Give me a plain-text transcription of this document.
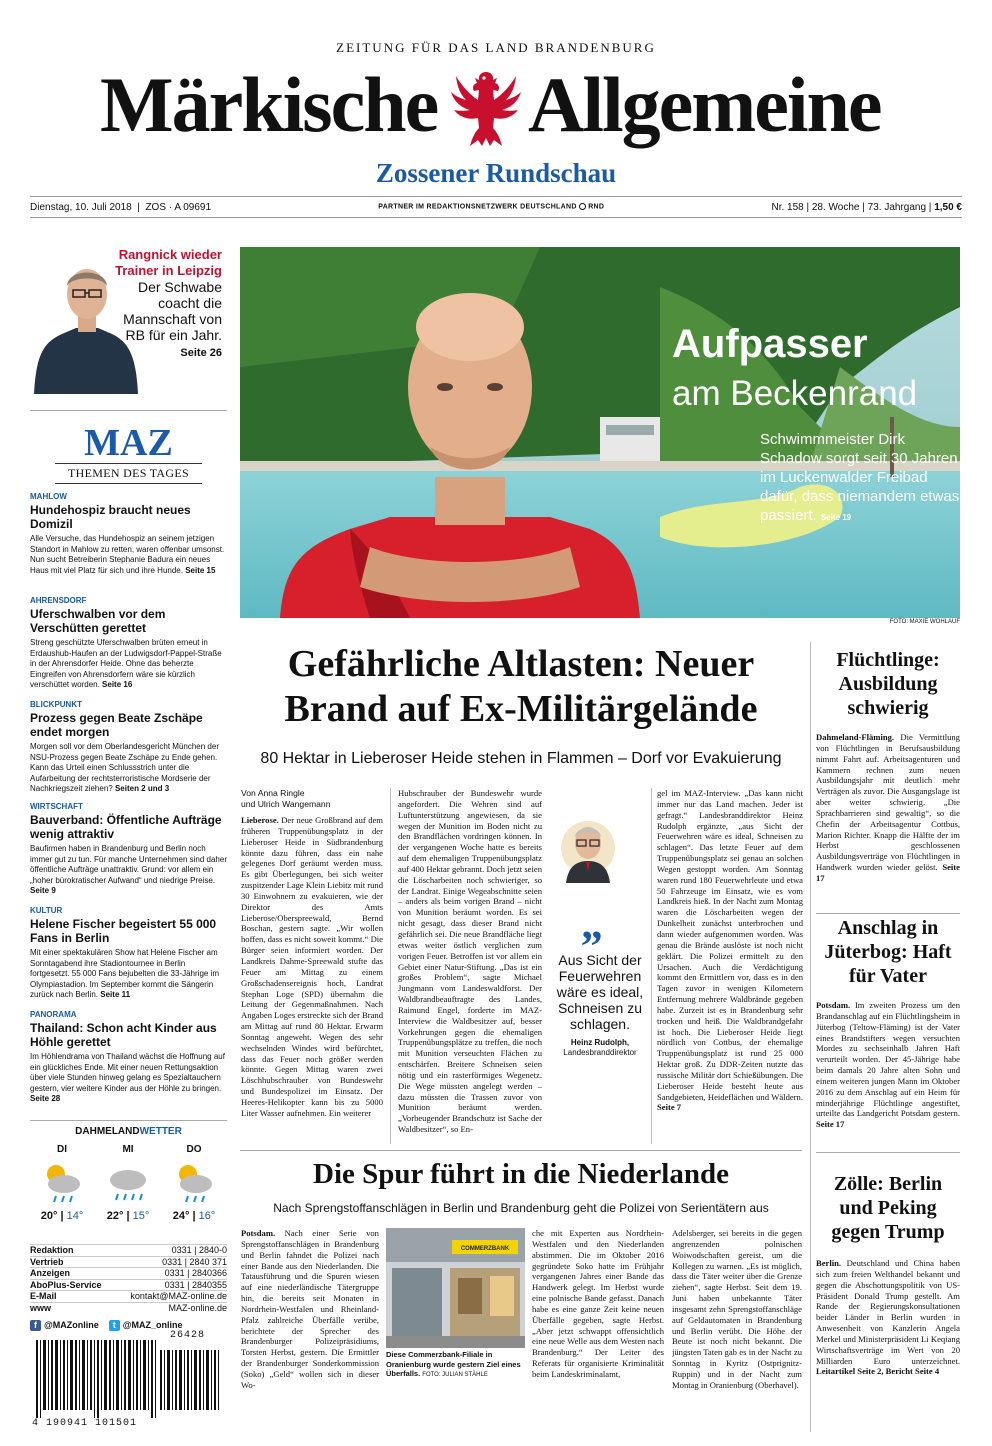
ZEITUNG FÜR DAS LAND BRANDENBURG
Märkische Allgemeine
Zossener Rundschau
Dienstag, 10. Juli 2018  |  ZOS · A 09691	PARTNER IM REDAKTIONSNETZWERK DEUTSCHLAND RND	Nr. 158 | 28. Woche | 73. Jahrgang | 1,50 €
Rangnick wieder Trainer in Leipzig
Der Schwabe coacht die Mannschaft von RB für ein Jahr.
Seite 26
MAZ
THEMEN DES TAGES
MAHLOW
Hundehospiz braucht neues Domizil
Alle Versuche, das Hundehospiz an seinem jetzigen Standort in Mahlow zu retten, waren offenbar umsonst. Nun sucht Betreiberin Stephanie Badura ein neues Haus mit viel Platz für sich und ihre Hunde. Seite 15
AHRENSDORF
Uferschwalben vor dem Verschütten gerettet
Streng geschützte Uferschwalben brüten erneut in Erdaushub-Haufen an der Ludwigsdorf-Pappel-Straße in der Ahrensdorfer Heide. Ohne das beherzte Eingreifen von Ahrensdorfern wäre sie kürzlich verschüttet worden. Seite 16
BLICKPUNKT
Prozess gegen Beate Zschäpe endet morgen
Morgen soll vor dem Oberlandesgericht München der NSU-Prozess gegen Beate Zschäpe zu Ende gehen. Kann das Urteil einen Schlussstrich unter die Aufarbeitung der rechtsterroristische Mordserie der Nachkriegszeit ziehen? Seiten 2 und 3
WIRTSCHAFT
Bauverband: Öffentliche Aufträge wenig attraktiv
Baufirmen haben in Brandenburg und Berlin noch immer gut zu tun. Für manche Unternehmen sind daher öffentliche Aufträge unattraktiv. Grund: vor allem ein „hoher bürokratischer Aufwand“ und niedrige Preise. Seite 9
KULTUR
Helene Fischer begeistert 55 000 Fans in Berlin
Mit einer spektakulären Show hat Helene Fischer am Sonntagabend ihre Stadiontournee in Berlin fortgesetzt. 55 000 Fans bejubelten die 33-Jährige im Olympiastadion. Im September kommt die Sängerin zurück nach Berlin. Seite 11
PANORAMA
Thailand: Schon acht Kinder aus Höhle gerettet
Im Höhlendrama von Thailand wächst die Hoffnung auf ein glückliches Ende. Mit einer neuen Rettungsaktion über viele Stunden hinweg gelang es Spezialtauchern gestern, vier weitere Kinder aus der Höhle zu bringen. Seite 28
DAHMELANDWETTER
DI	MI	DO
20° | 14°	22° | 15°	24° | 16°
Redaktion	0331 | 2840-0
Vertrieb	0331 | 2840 371
Anzeigen	0331 | 2840366
AboPlus-Service	0331 | 2840355
E-Mail	kontakt@MAZ-online.de
www	MAZ-online.de
f @MAZonline	t @MAZ_online
26428
4 190941 101501
Aufpasser
am Beckenrand
Schwimmmeister Dirk Schadow sorgt seit 30 Jahren im Luckenwalder Freibad dafür, dass niemandem etwas passiert. Seite 19
FOTO: MAXIE WOHLAUF
Gefährliche Altlasten: Neuer
Brand auf Ex-Militärgelände
80 Hektar in Lieberoser Heide stehen in Flammen – Dorf vor Evakuierung
Von Anna Ringle
und Ulrich Wangemann
Lieberose. Der neue Großbrand auf dem früheren Truppenübungsplatz in der Lieberoser Heide in Südbrandenburg könnte dazu führen, dass ein nahe gelegenes Dorf geräumt werden muss. Es gibt Überlegungen, bei sich weiter zuspitzender Lage Klein Liebitz mit rund 30 Einwohnern zu evakuieren, wie der Direktor des Amts Lieberose/Oberspreewald, Bernd Boschan, gestern sagte. „Wir wollen hoffen, dass es nicht soweit kommt.“ Die Bürger seien informiert worden. Der Landkreis Dahme-Spreewald stufte das Feuer am Mittag zu einem Großschadensereignis hoch, Landrat Stephan Loge (SPD) übernahm die Leitung der Gegenmaßnahmen. Nach Angaben Loges erstreckte sich der Brand am Mittag auf rund 80 Hektar. Erwarm Sonntag angeweht. Wegen des sehr wechselnden Windes wird befürchtet, dass das Feuer noch größer werden könnte. Gegen Mittag waren zwei Löschhubschrauber von Bundeswehr und Bundespolizei im Einsatz. Der Heeres-Helikopter kann bis zu 5000 Liter Wasser aufnehmen. Ein weiterer
Hubschrauber der Bundeswehr wurde angefordert. Die Wehren sind auf Luftunterstützung angewiesen, da sie wegen der Munition im Boden nicht zu den Brandflächen vordringen können. In der vergangenen Woche hatte es bereits auf dem ehemaligen Truppenübungsplatz auf 400 Hektar gebrannt. Doch jetzt seien die Löscharbeiten noch schwieriger, so der Landrat. Einige Wegeabschnitte seien – anders als beim vorigen Brand – nicht von Munition beräumt worden. Es sei nicht gesagt, dass dieser Brand nicht gefährlich sei. Die neue Brandfläche liegt etwas weiter östlich verglichen zum vorigen Feuer. Betroffen ist vor allem ein Gebiet einer Natur-Stiftung. „Das ist ein großes Problem“, sagte Michael Jungmann vom Landeswaldforst. Der Waldbrandbeauftragte des Landes, Raimund Engel, forderte im MAZ-Interview die Waldbesitzer auf, besser Vorkehrungen gegen die ehemaligen Truppenübungsplätze zu treffen, die noch mit Munition verseuchten Flächen zu entschärfen. Breitere Schneisen seien nötig und ein rasterförmiges Wegenetz. Die Wege müssten angelegt werden – dazu müssten die Trassen zuvor von Munition beräumt werden. „Vorbeugender Brandschutz ist Sache der Waldbesitzer“, so En-
„
Aus Sicht der Feuerwehren wäre es ideal, Schneisen zu schlagen.
Heinz Rudolph,
Landesbranddirektor
gel im MAZ-Interview. „Das kann nicht immer nur das Land machen. Jeder ist gefragt.“ Landesbranddirektor Heinz Rudolph ergänzte, „aus Sicht der Feuerwehren wäre es ideal, Schneisen zu schlagen“. Das letzte Feuer auf dem Truppenübungsplatz sei genau an solchen Wegen gestoppt worden. Am Sonntag waren rund 180 Feuerwehrleute und etwa 50 Fahrzeuge im Einsatz, wie es vom Landkreis hieß. In der Nacht zum Montag waren die Löscharbeiten wegen der Dunkelheit zunächst unterbrochen und dann wieder aufgenommen worden. Was genau die Brände auslöste ist noch nicht geklärt. Die Polizei ermittelt zu den Ursachen. Auch die Verdächtigung kommt den Ermittlern vor, dass es in den Tagen zuvor in wenigen Kilometern Entfernung mehrere Waldbrände gegeben habe. Zurzeit ist es in Brandenburg sehr trocken und heiß. Die Waldbrandgefahr ist hoch. Die Lieberoser Heide liegt nördlich von Cottbus, der ehemalige Truppenübungsplatz ist rund 25 000 Hektar groß. Zu DDR-Zeiten nutzte das russische Militär dort Schießübungen. Die Lieberoser Heide besteht heute aus Sandgebieten, Heideflächen und Wäldern. Seite 7
Flüchtlinge: Ausbildung schwierig
Dahmeland-Fläming. Die Vermittlung von Flüchtlingen in Berufsausbildung nimmt Fahrt auf. Arbeitsagenturen und Kammern rechnen zum neuen Ausbildungsjahr mit deutlich mehr Verträgen als zuvor. Die Ausgangslage ist aber weiter schwierig. „Die Sprachbarrieren sind gewaltig“, so die Chefin der Arbeitsagentur Cottbus, Marion Richter. Knapp die Hälfte der im Herbst geschlossenen Ausbildungsverträge von Flüchtlingen in Handwerk wurden wieder gelöst. Seite 17
Anschlag in Jüterbog: Haft für Vater
Potsdam. Im zweiten Prozess um den Brandanschlag auf ein Flüchtlingsheim in Jüterbog (Teltow-Fläming) ist der Vater eines Brandstifters wegen versuchten Mordes zu sechseinhalb Jahren Haft verurteilt worden. Der 45-Jährige habe beim damals 20 Jahre alten Sohn und einem weiteren jungen Mann im Oktober 2016 zu dem Anschlag auf ein Heim für minderjährige Flüchtlinge angestiftet, urteilte das Landgericht Potsdam gestern. Seite 17
Zölle: Berlin und Peking gegen Trump
Berlin. Deutschland und China haben sich zum freien Welthandel bekannt und gegen die Abschottungspolitik von US-Präsident Donald Trump gestellt. Am Rande der Regierungskonsultationen beider Länder in Berlin wurden in Anwesenheit von Kanzlerin Angela Merkel und Ministerpräsident Li Keqiang Wirtschaftsverträge im Wert von 20 Milliarden Euro unterzeichnet. Leitartikel Seite 2, Bericht Seite 4
Die Spur führt in die Niederlande
Nach Sprengstoffanschlägen in Berlin und Brandenburg geht die Polizei von Serientätern aus
Potsdam. Nach einer Serie von Sprengstoffanschlägen in Brandenburg und Berlin fahndet die Polizei nach einer Bande aus den Niederlanden. Die Tatausführung und die Spuren wiesen auf eine niederländische Tätergruppe hin, die bereits seit Monaten in Nordrhein-Westfalen und Rheinland-Pfalz zahlreiche Überfälle verübe, berichtete der Sprecher des Brandenburger Polizeipräsidiums, Torsten Herbst, gestern. Die Ermittler der Brandenburger Sonderkommission (Soko) „Geld“ wollen sich in dieser Wo-
COMMERZBANK
Diese Commerzbank-Filiale in Oranienburg wurde gestern Ziel eines Überfalls. FOTO: JULIAN STÄHLE
che mit Experten aus Nordrhein-Westfalen und den Niederlanden abstimmen. Die im Oktober 2016 gegründete Soko hatte im Frühjahr vergangenen Jahres einer Bande das Handwerk gelegt. Im Herbst wurde eine polnische Bande gefasst. Danach habe es eine ganze Zeit keine neuen Überfälle gegeben, sagte Herbst. „Aber jetzt schwappt offensichtlich eine neue Welle aus dem Westen nach Brandenburg.“ Der Leiter des Referats für organisierte Kriminalität beim Landeskriminalamt,
Adelsberger, sei bereits in die gegen angrenzenden polnischen Woiwodschaften gereist, um die Kollegen zu warnen. „Es ist möglich, dass die Täter weiter über die Grenze ziehen“, sagte Herbst. Seit dem 19. Juni haben unbekannte Täter insgesamt zehn Sprengstoffanschläge auf Geldautomaten in Brandenburg und Berlin verübt. Die Höhe der Beute ist noch nicht bekannt. Die jüngsten Taten gab es in der Nacht zu Sonntag in Kyritz (Ostprignitz-Ruppin) und in der Nacht zum Montag in Oranienburg (Oberhavel).
